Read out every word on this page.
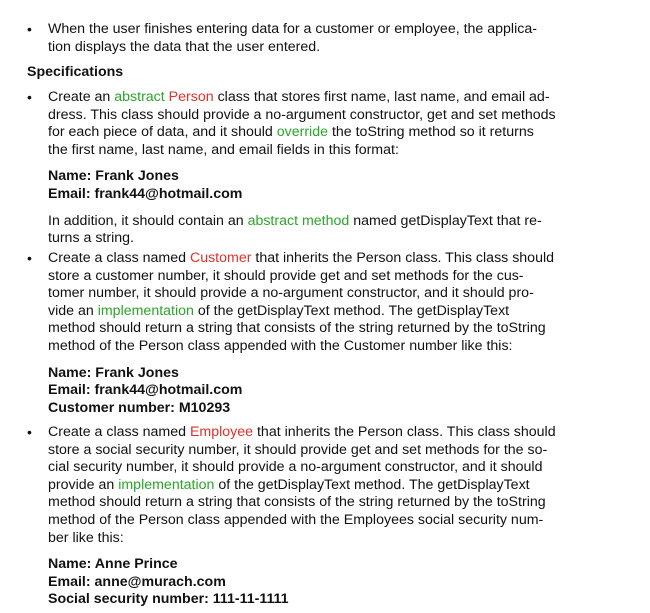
•	When the user finishes entering data for a customer or employee, the applica-
tion displays the data that the user entered.
Specifications
•	Create an abstract Person class that stores first name, last name, and email ad-
dress. This class should provide a no-argument constructor, get and set methods
for each piece of data, and it should override the toString method so it returns
the first name, last name, and email fields in this format:
Name: Frank Jones
Email: frank44@hotmail.com
In addition, it should contain an abstract method named getDisplayText that re-
turns a string.
•	Create a class named Customer that inherits the Person class. This class should
store a customer number, it should provide get and set methods for the cus-
tomer number, it should provide a no-argument constructor, and it should pro-
vide an implementation of the getDisplayText method. The getDisplayText
method should return a string that consists of the string returned by the toString
method of the Person class appended with the Customer number like this:
Name: Frank Jones
Email: frank44@hotmail.com
Customer number: M10293
•	Create a class named Employee that inherits the Person class. This class should
store a social security number, it should provide get and set methods for the so-
cial security number, it should provide a no-argument constructor, and it should
provide an implementation of the getDisplayText method. The getDisplayText
method should return a string that consists of the string returned by the toString
method of the Person class appended with the Employees social security num-
ber like this:
Name: Anne Prince
Email: anne@murach.com
Social security number: 111-11-1111
